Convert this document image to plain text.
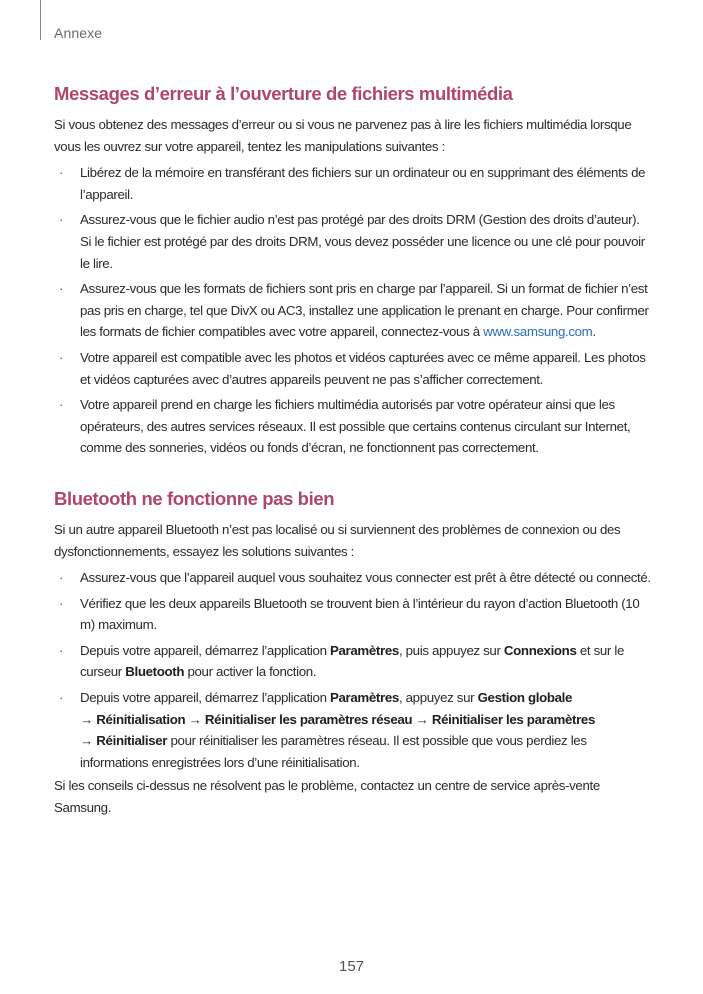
Annexe
Messages d’erreur à l’ouverture de fichiers multimédia

Si vous obtenez des messages d’erreur ou si vous ne parvenez pas à lire les fichiers multimédia lorsque vous les ouvrez sur votre appareil, tentez les manipulations suivantes :

· Libérez de la mémoire en transférant des fichiers sur un ordinateur ou en supprimant des éléments de l’appareil.
· Assurez-vous que le fichier audio n’est pas protégé par des droits DRM (Gestion des droits d’auteur). Si le fichier est protégé par des droits DRM, vous devez posséder une licence ou une clé pour pouvoir le lire.
· Assurez-vous que les formats de fichiers sont pris en charge par l’appareil. Si un format de fichier n’est pas pris en charge, tel que DivX ou AC3, installez une application le prenant en charge. Pour confirmer les formats de fichier compatibles avec votre appareil, connectez-vous à www.samsung.com.
· Votre appareil est compatible avec les photos et vidéos capturées avec ce même appareil. Les photos et vidéos capturées avec d’autres appareils peuvent ne pas s’afficher correctement.
· Votre appareil prend en charge les fichiers multimédia autorisés par votre opérateur ainsi que les opérateurs, des autres services réseaux. Il est possible que certains contenus circulant sur Internet, comme des sonneries, vidéos ou fonds d’écran, ne fonctionnent pas correctement.
Bluetooth ne fonctionne pas bien

Si un autre appareil Bluetooth n’est pas localisé ou si surviennent des problèmes de connexion ou des dysfonctionnements, essayez les solutions suivantes :

· Assurez-vous que l’appareil auquel vous souhaitez vous connecter est prêt à être détecté ou connecté.
· Vérifiez que les deux appareils Bluetooth se trouvent bien à l’intérieur du rayon d’action Bluetooth (10 m) maximum.
· Depuis votre appareil, démarrez l’application Paramètres, puis appuyez sur Connexions et sur le curseur Bluetooth pour activer la fonction.
· Depuis votre appareil, démarrez l’application Paramètres, appuyez sur Gestion globale
→ Réinitialisation → Réinitialiser les paramètres réseau → Réinitialiser les paramètres
→ Réinitialiser pour réinitialiser les paramètres réseau. Il est possible que vous perdiez les informations enregistrées lors d’une réinitialisation.

Si les conseils ci-dessus ne résolvent pas le problème, contactez un centre de service après-vente Samsung.

157
